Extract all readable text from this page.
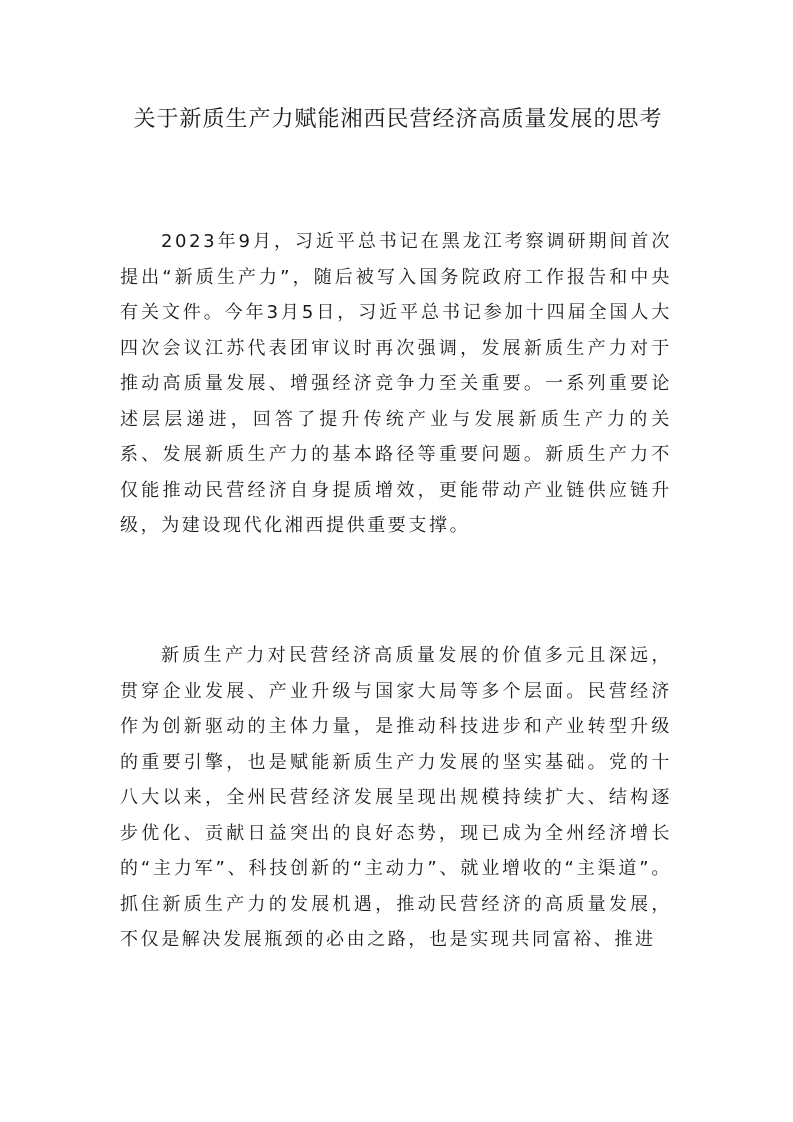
关于新质生产力赋能湘西民营经济高质量发展的思考

2023年9月，习近平总书记在黑龙江考察调研期间首次提出“新质生产力”，随后被写入国务院政府工作报告和中央有关文件。今年3月5日，习近平总书记参加十四届全国人大四次会议江苏代表团审议时再次强调，发展新质生产力对于推动高质量发展、增强经济竞争力至关重要。一系列重要论述层层递进，回答了提升传统产业与发展新质生产力的关系、发展新质生产力的基本路径等重要问题。新质生产力不仅能推动民营经济自身提质增效，更能带动产业链供应链升级，为建设现代化湘西提供重要支撑。

新质生产力对民营经济高质量发展的价值多元且深远，贯穿企业发展、产业升级与国家大局等多个层面。民营经济作为创新驱动的主体力量，是推动科技进步和产业转型升级的重要引擎，也是赋能新质生产力发展的坚实基础。党的十八大以来，全州民营经济发展呈现出规模持续扩大、结构逐步优化、贡献日益突出的良好态势，现已成为全州经济增长的“主力军”、科技创新的“主动力”、就业增收的“主渠道”。抓住新质生产力的发展机遇，推动民营经济的高质量发展，不仅是解决发展瓶颈的必由之路，也是实现共同富裕、推进
